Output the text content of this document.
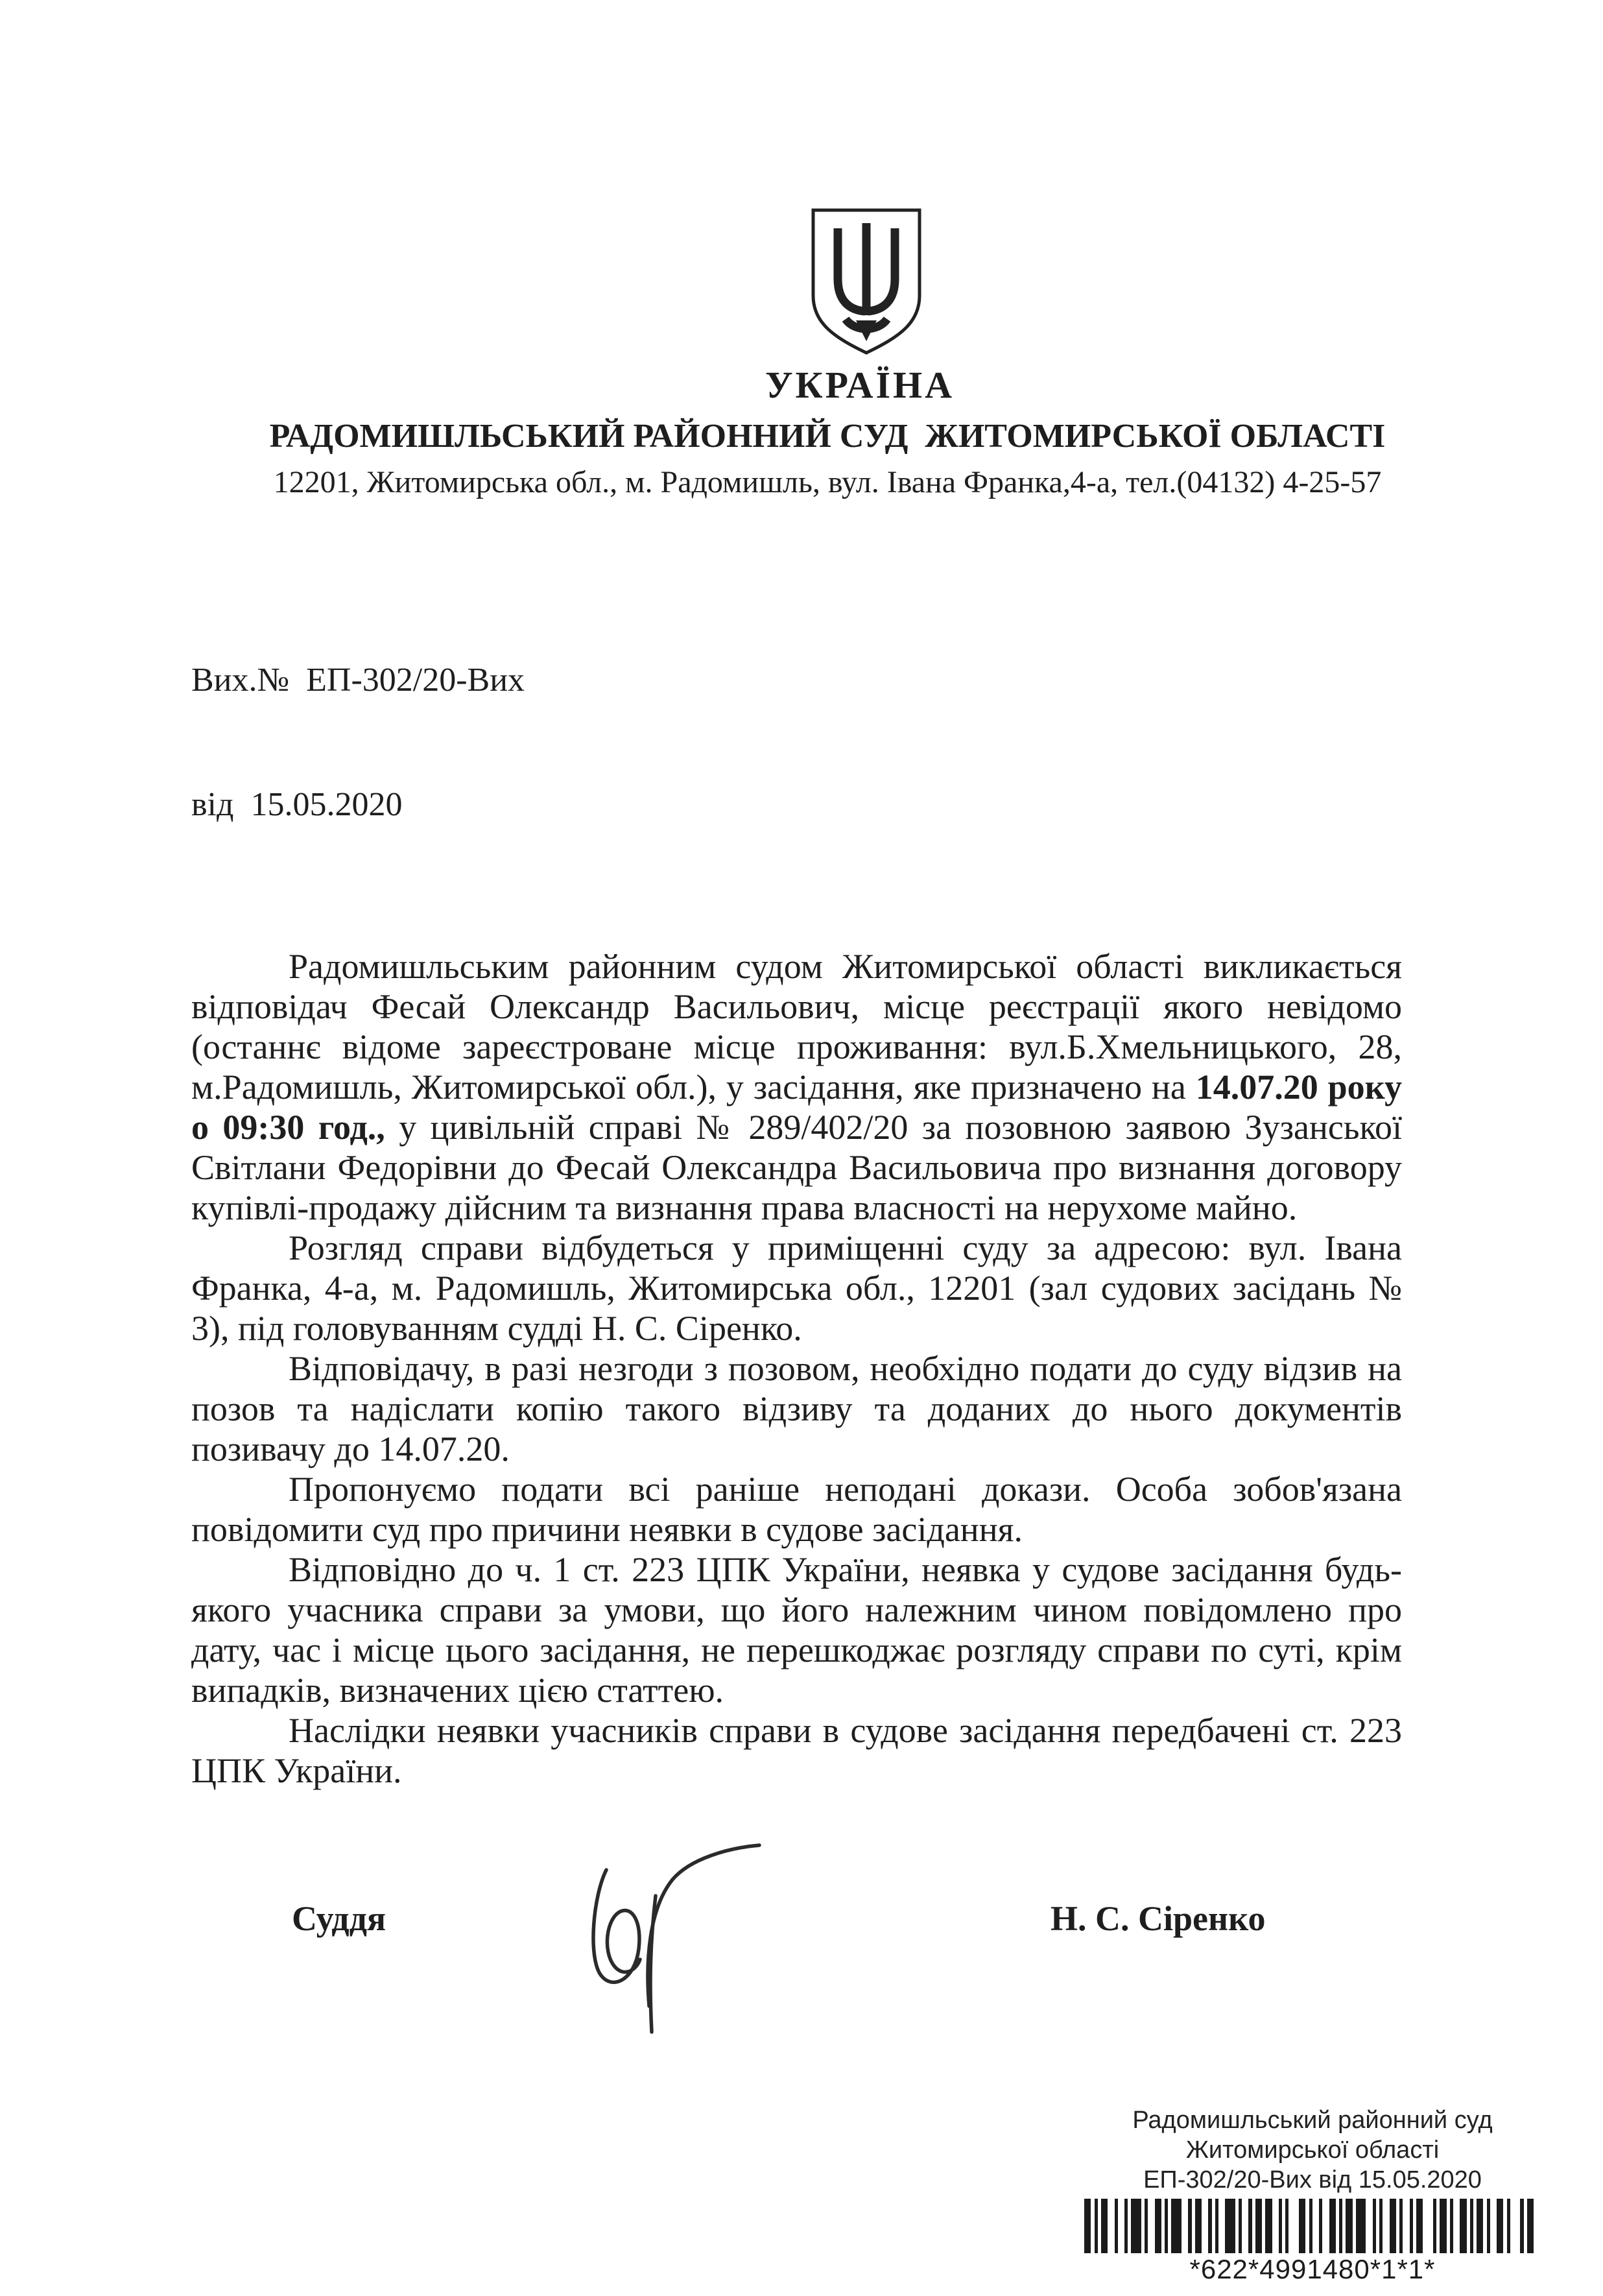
УКРАЇНА
РАДОМИШЛЬСЬКИЙ РАЙОННИЙ СУД  ЖИТОМИРСЬКОЇ ОБЛАСТІ
12201, Житомирська обл., м. Радомишль, вул. Івана Франка,4-а, тел.(04132) 4-25-57

Вих.№  ЕП-302/20-Вих

від  15.05.2020

Радомишльським районним судом Житомирської області викликається відповідач Фесай Олександр Васильович, місце реєстрації якого невідомо (останнє відоме зареєстроване місце проживання: вул.Б.Хмельницького, 28, м.Радомишль, Житомирської обл.), у засідання, яке призначено на 14.07.20 року о 09:30 год., у цивільній справі № 289/402/20 за позовною заявою Зузанської Світлани Федорівни до Фесай Олександра Васильовича про визнання договору купівлі-продажу дійсним та визнання права власності на нерухоме майно.

Розгляд справи відбудеться у приміщенні суду за адресою: вул. Івана Франка, 4-а, м. Радомишль, Житомирська обл., 12201 (зал судових засідань № 3), під головуванням судді Н. С. Сіренко.

Відповідачу, в разі незгоди з позовом, необхідно подати до суду відзив на позов та надіслати копію такого відзиву та доданих до нього документів позивачу до 14.07.20.

Пропонуємо подати всі раніше неподані докази. Особа зобов'язана повідомити суд про причини неявки в судове засідання.

Відповідно до ч. 1 ст. 223 ЦПК України, неявка у судове засідання будь-якого учасника справи за умови, що його належним чином повідомлено про дату, час і місце цього засідання, не перешкоджає розгляду справи по суті, крім випадків, визначених цією статтею.

Наслідки неявки учасників справи в судове засідання передбачені ст. 223 ЦПК України.

Суддя	Н. С. Сіренко
Радомишльський районний суд
Житомирської області
ЕП-302/20-Вих від 15.05.2020
*622*4991480*1*1*
